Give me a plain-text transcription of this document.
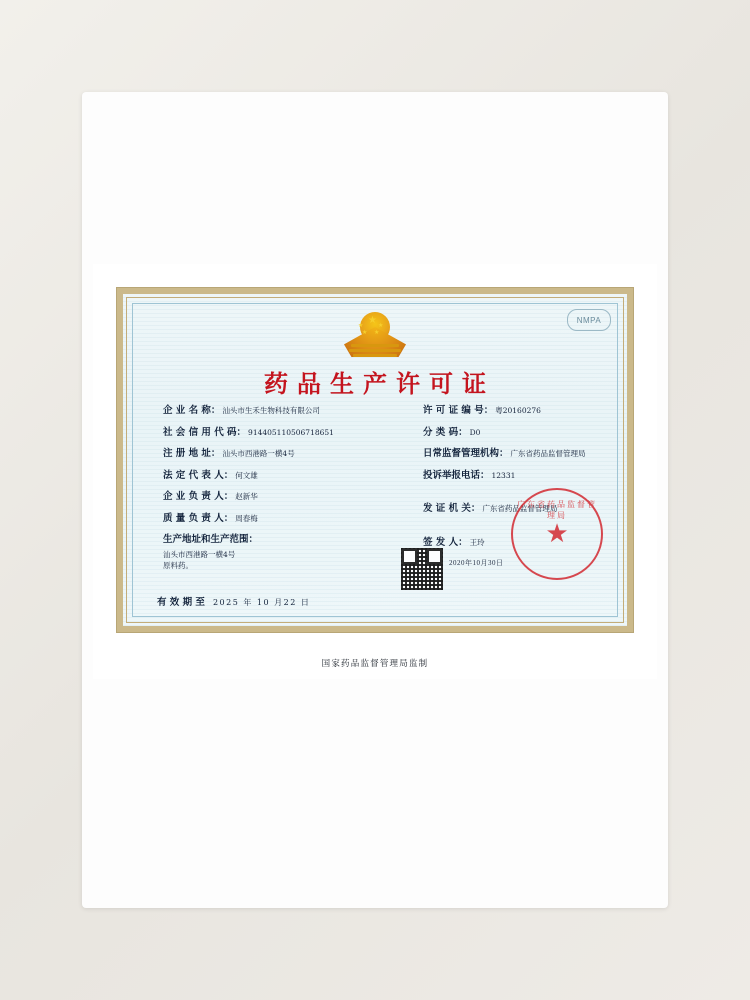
★
★ ★
★ ★
NMPA
药品生产许可证
企 业 名 称： 汕头市生禾生物科技有限公司
社 会 信 用 代 码： 914405110506718651
注 册 地 址： 汕头市西港路一横4号
法 定 代 表 人： 何文雄
企 业 负 责 人： 赵新华
质 量 负 责 人： 周春梅
生产地址和生产范围：
汕头市西港路一横4号
原料药。
许 可 证 编 号： 粤20160276
分 类 码： D0
日常监督管理机构： 广东省药品监督管理局
投诉举报电话： 12331
发 证 机 关： 广东省药品监督管理局
签 发 人： 王玲
2020年10月30日
广东省药品监督管理局
★
有 效 期 至 2025 年 10 月22 日
国家药品监督管理局监制
